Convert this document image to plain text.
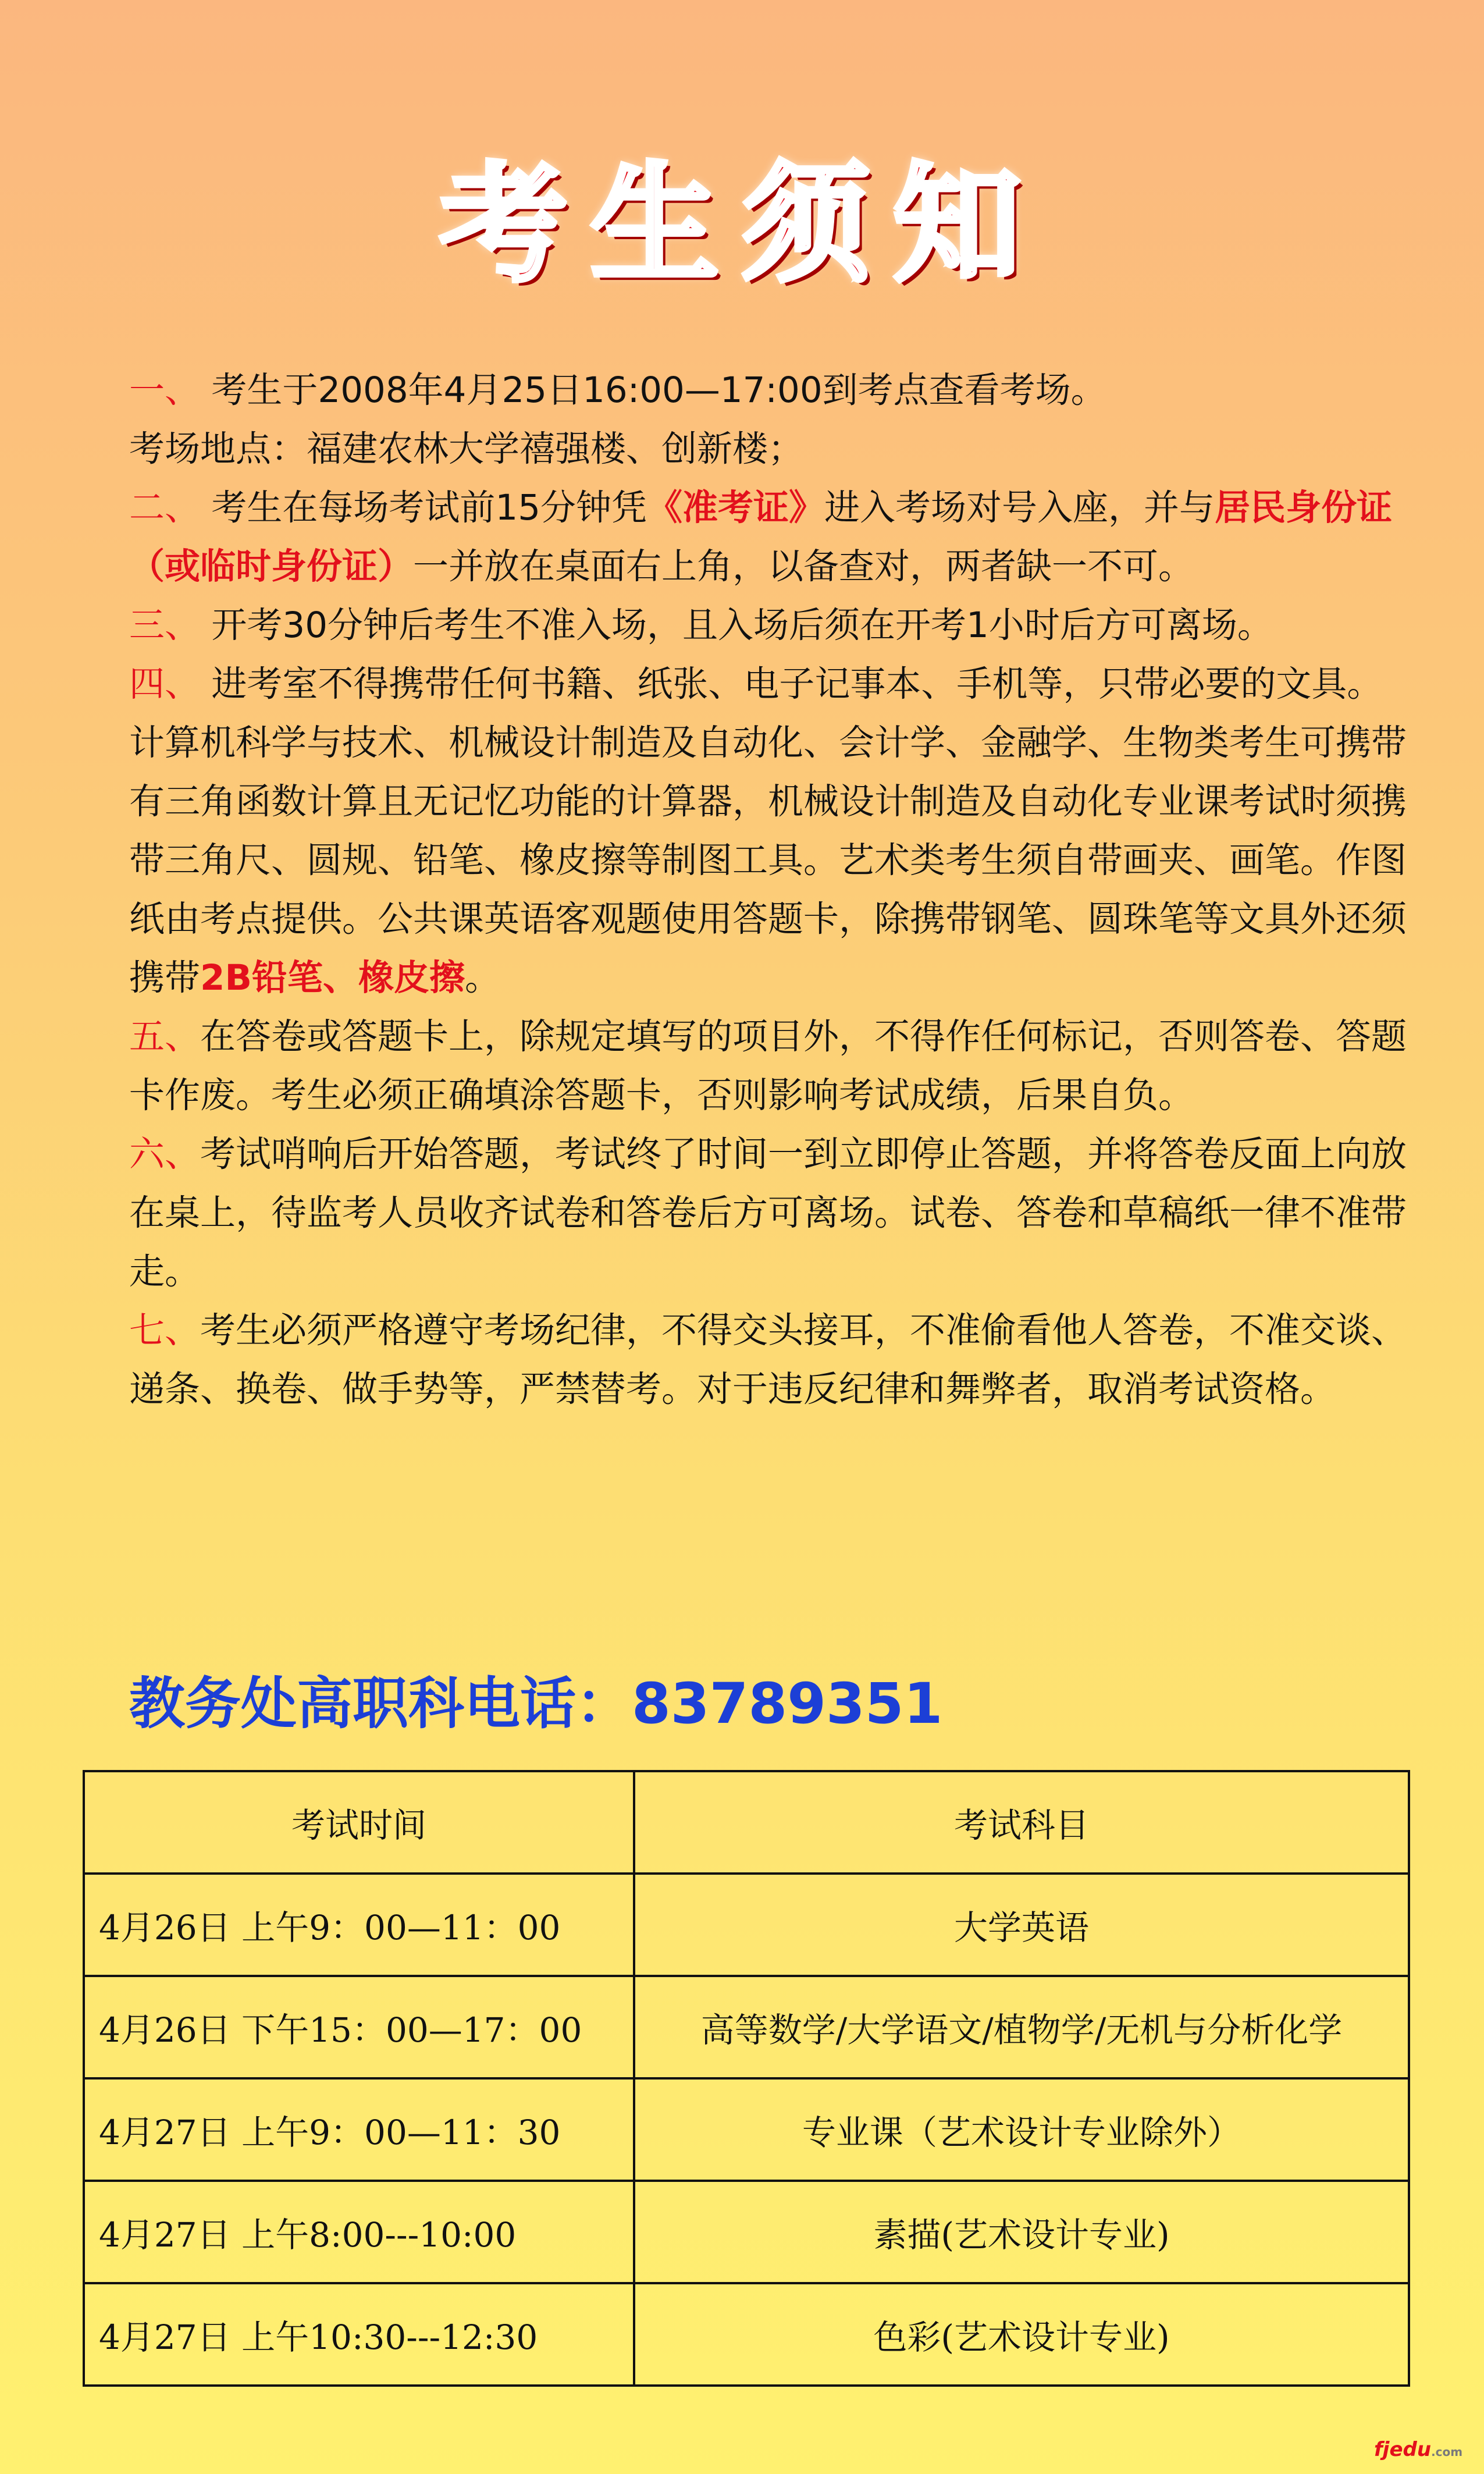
考生须知

一、 考生于2008年4月25日16:00—17:00到考点查看考场。

考场地点：福建农林大学禧强楼、创新楼；

二、 考生在每场考试前15分钟凭《准考证》进入考场对号入座，并与居民身份证（或临时身份证）一并放在桌面右上角，以备查对，两者缺一不可。

三、 开考30分钟后考生不准入场，且入场后须在开考1小时后方可离场。

四、 进考室不得携带任何书籍、纸张、电子记事本、手机等，只带必要的文具。计算机科学与技术、机械设计制造及自动化、会计学、金融学、生物类考生可携带有三角函数计算且无记忆功能的计算器，机械设计制造及自动化专业课考试时须携带三角尺、圆规、铅笔、橡皮擦等制图工具。艺术类考生须自带画夹、画笔。作图纸由考点提供。公共课英语客观题使用答题卡，除携带钢笔、圆珠笔等文具外还须携带2B铅笔、橡皮擦。

五、在答卷或答题卡上，除规定填写的项目外，不得作任何标记，否则答卷、答题卡作废。考生必须正确填涂答题卡，否则影响考试成绩，后果自负。

六、考试哨响后开始答题，考试终了时间一到立即停止答题，并将答卷反面上向放在桌上，待监考人员收齐试卷和答卷后方可离场。试卷、答卷和草稿纸一律不准带走。

七、考生必须严格遵守考场纪律，不得交头接耳，不准偷看他人答卷，不准交谈、递条、换卷、做手势等，严禁替考。对于违反纪律和舞弊者，取消考试资格。

教务处高职科电话：83789351
考试时间	考试科目
4月26日 上午9：00—11：00	大学英语
4月26日 下午15：00—17：00	高等数学/大学语文/植物学/无机与分析化学
4月27日 上午9：00—11：30	专业课（艺术设计专业除外）
4月27日 上午8:00---10:00	素描(艺术设计专业)
4月27日 上午10:30---12:30	色彩(艺术设计专业)
fjedu.com
